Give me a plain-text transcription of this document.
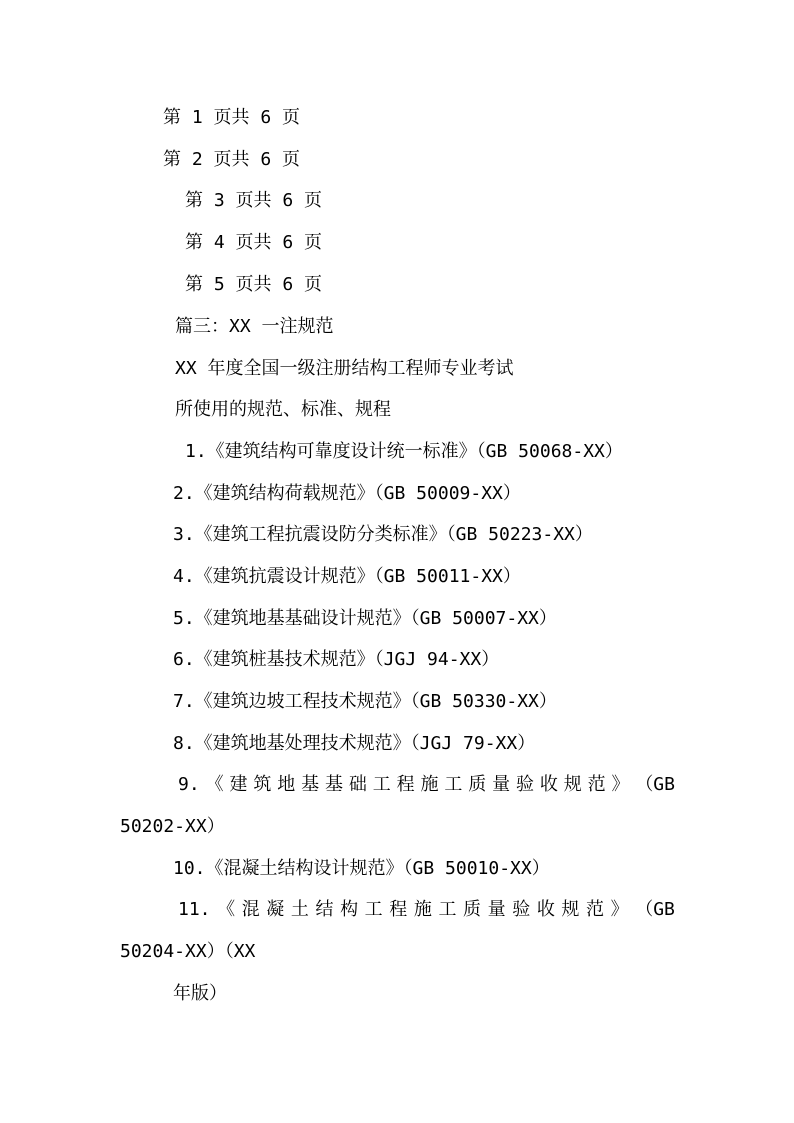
第 1 页共 6 页
第 2 页共 6 页
第 3 页共 6 页
第 4 页共 6 页
第 5 页共 6 页
篇三：XX 一注规范
XX 年度全国一级注册结构工程师专业考试
所使用的规范、标准、规程
1.《建筑结构可靠度设计统一标准》（GB 50068-XX）
2.《建筑结构荷载规范》（GB 50009-XX）
3.《建筑工程抗震设防分类标准》（GB 50223-XX）
4.《建筑抗震设计规范》（GB 50011-XX）
5.《建筑地基基础设计规范》（GB 50007-XX）
6.《建筑桩基技术规范》（JGJ 94-XX）
7.《建筑边坡工程技术规范》（GB 50330-XX）
8.《建筑地基处理技术规范》（JGJ 79-XX）
9. 《 建 筑 地 基 基 础 工 程 施 工 质 量 验 收 规 范 》 （GB
50202-XX）
10.《混凝土结构设计规范》（GB 50010-XX）
11. 《 混 凝 土 结 构 工 程 施 工 质 量 验 收 规 范 》 （GB
50204-XX）（XX
年版）
